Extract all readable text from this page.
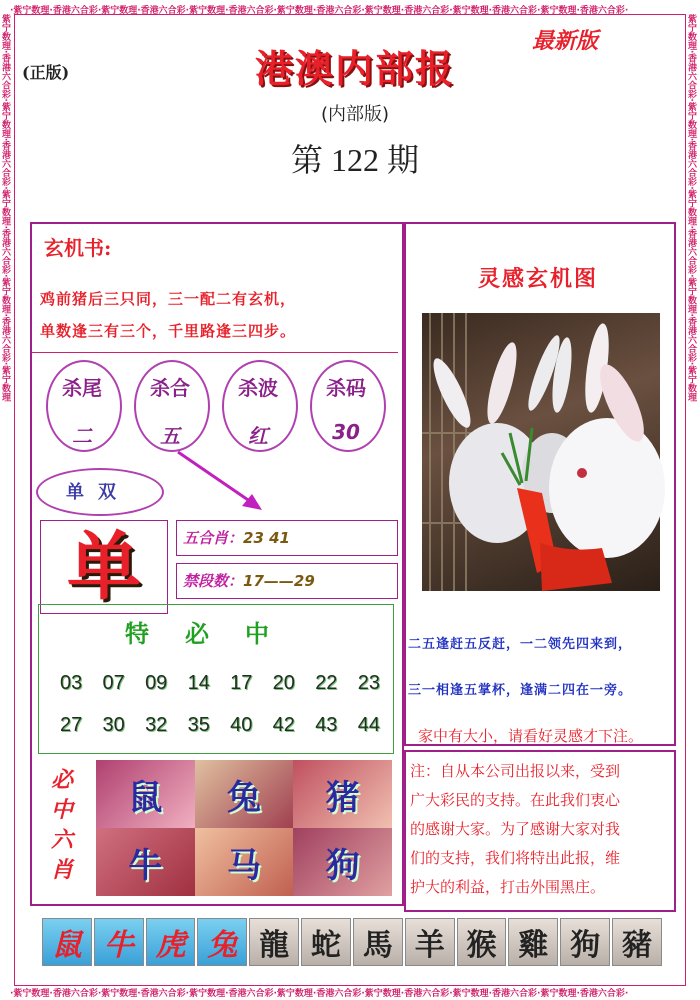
·紫宁数理·香港六合彩·紫宁数理·香港六合彩·紫宁数理·香港六合彩·紫宁数理·香港六合彩·紫宁数理·香港六合彩·紫宁数理·香港六合彩·紫宁数理·香港六合彩·
·紫宁数理·香港六合彩·紫宁数理·香港六合彩·紫宁数理·香港六合彩·紫宁数理·香港六合彩·紫宁数理·香港六合彩·紫宁数理·香港六合彩·紫宁数理·香港六合彩·
紫宁数理·香港六合彩·紫宁数理·香港六合彩·紫宁数理·香港六合彩·紫宁数理·香港六合彩·紫宁数理	紫宁数理·香港六合彩·紫宁数理·香港六合彩·紫宁数理·香港六合彩·紫宁数理·香港六合彩·紫宁数理
(正版)
最新版
港澳内部报
(内部版)
第 122 期
玄机书:
鸡前猪后三只同，三一配二有玄机，
单数逢三有三个，千里路逢三四步。
杀尾
二
杀合
五
杀波
红
杀码
30
单双
单	五合肖：23 41
禁段数：17——29
特必中
03 07 09 14 17 20 22 23
27 30 32 35 40 42 43 44
必
中
六
肖
鼠	兔	猪
牛	马	狗
灵感玄机图
二五逢赶五反赶，一二领先四来到，
三一相逢五掌杯，逢满二四在一旁。
家中有大小，请看好灵感才下注。
注：自从本公司出报以来，受到
广大彩民的支持。在此我们衷心
的感谢大家。为了感谢大家对我
们的支持，我们将特出此报，维
护大的利益，打击外围黑庄。
鼠 牛 虎 兔 龍 蛇 馬 羊 猴 雞 狗 豬
